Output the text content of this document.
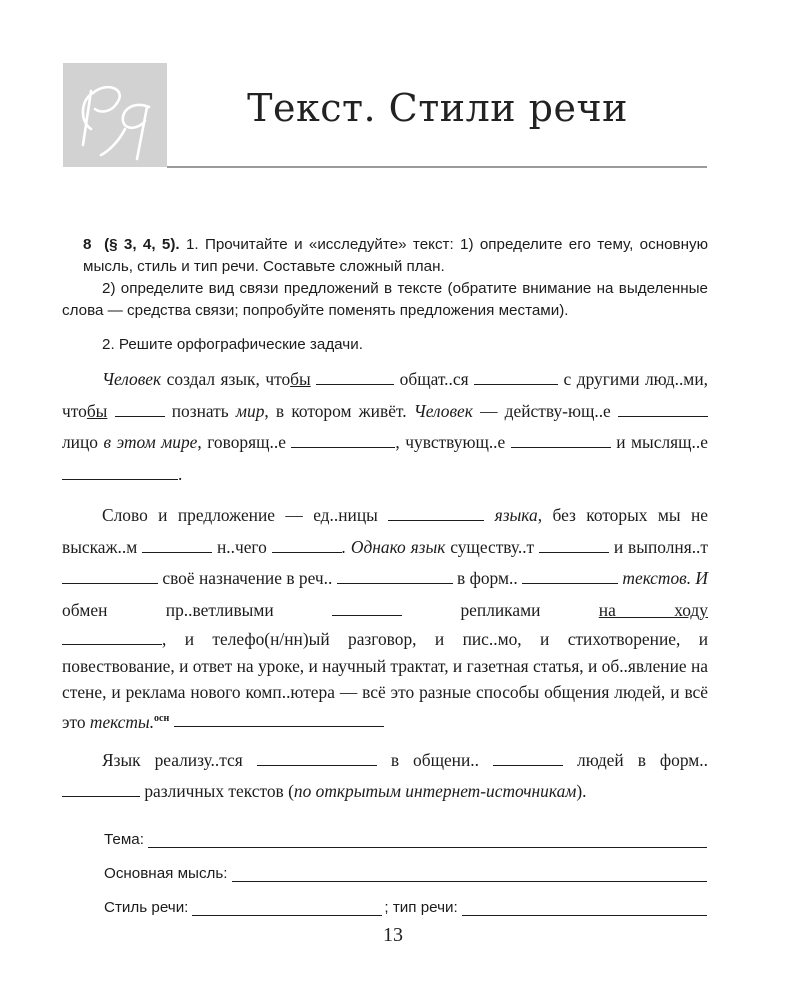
Текст. Стили речи

8 (§ 3, 4, 5). 1. Прочитайте и «исследуйте» текст: 1) определите его тему, основную мысль, стиль и тип речи. Составьте сложный план.

2) определите вид связи предложений в тексте (обратите внимание на выделенные слова — средства связи; попробуйте поменять предложения местами).

2. Решите орфографические задачи.

Человек создал язык, чтобы	общат..ся	с другими люд..ми, чтобы	познать мир, в котором живёт. Человек — действу-ющ..е  лицо в этом мире, говорящ..е	, чувствующ..е	и мыслящ..е .

Слово и предложение — ед..ницы	языка, без которых мы не выскаж..м	н..чего	. Однако язык существу..т	и выполня..т  своё назначение в реч..	в форм..	текстов. И обмен пр..ветливыми	репликами	на ходу

, и телефо(н/нн)ый разговор, и пис..мо, и стихотворение, и повествование, и ответ на уроке, и научный трактат, и газетная статья, и об..явление на стене, и реклама нового комп..ютера — всё это разные способы общения людей, и всё это тексты.$^{осн}$

Язык реализу..тся	в общени..	людей в форм..  различных текстов (по открытым интернет-источникам).

Тема:
Основная мысль:
Стиль речи:	; тип речи:
13
